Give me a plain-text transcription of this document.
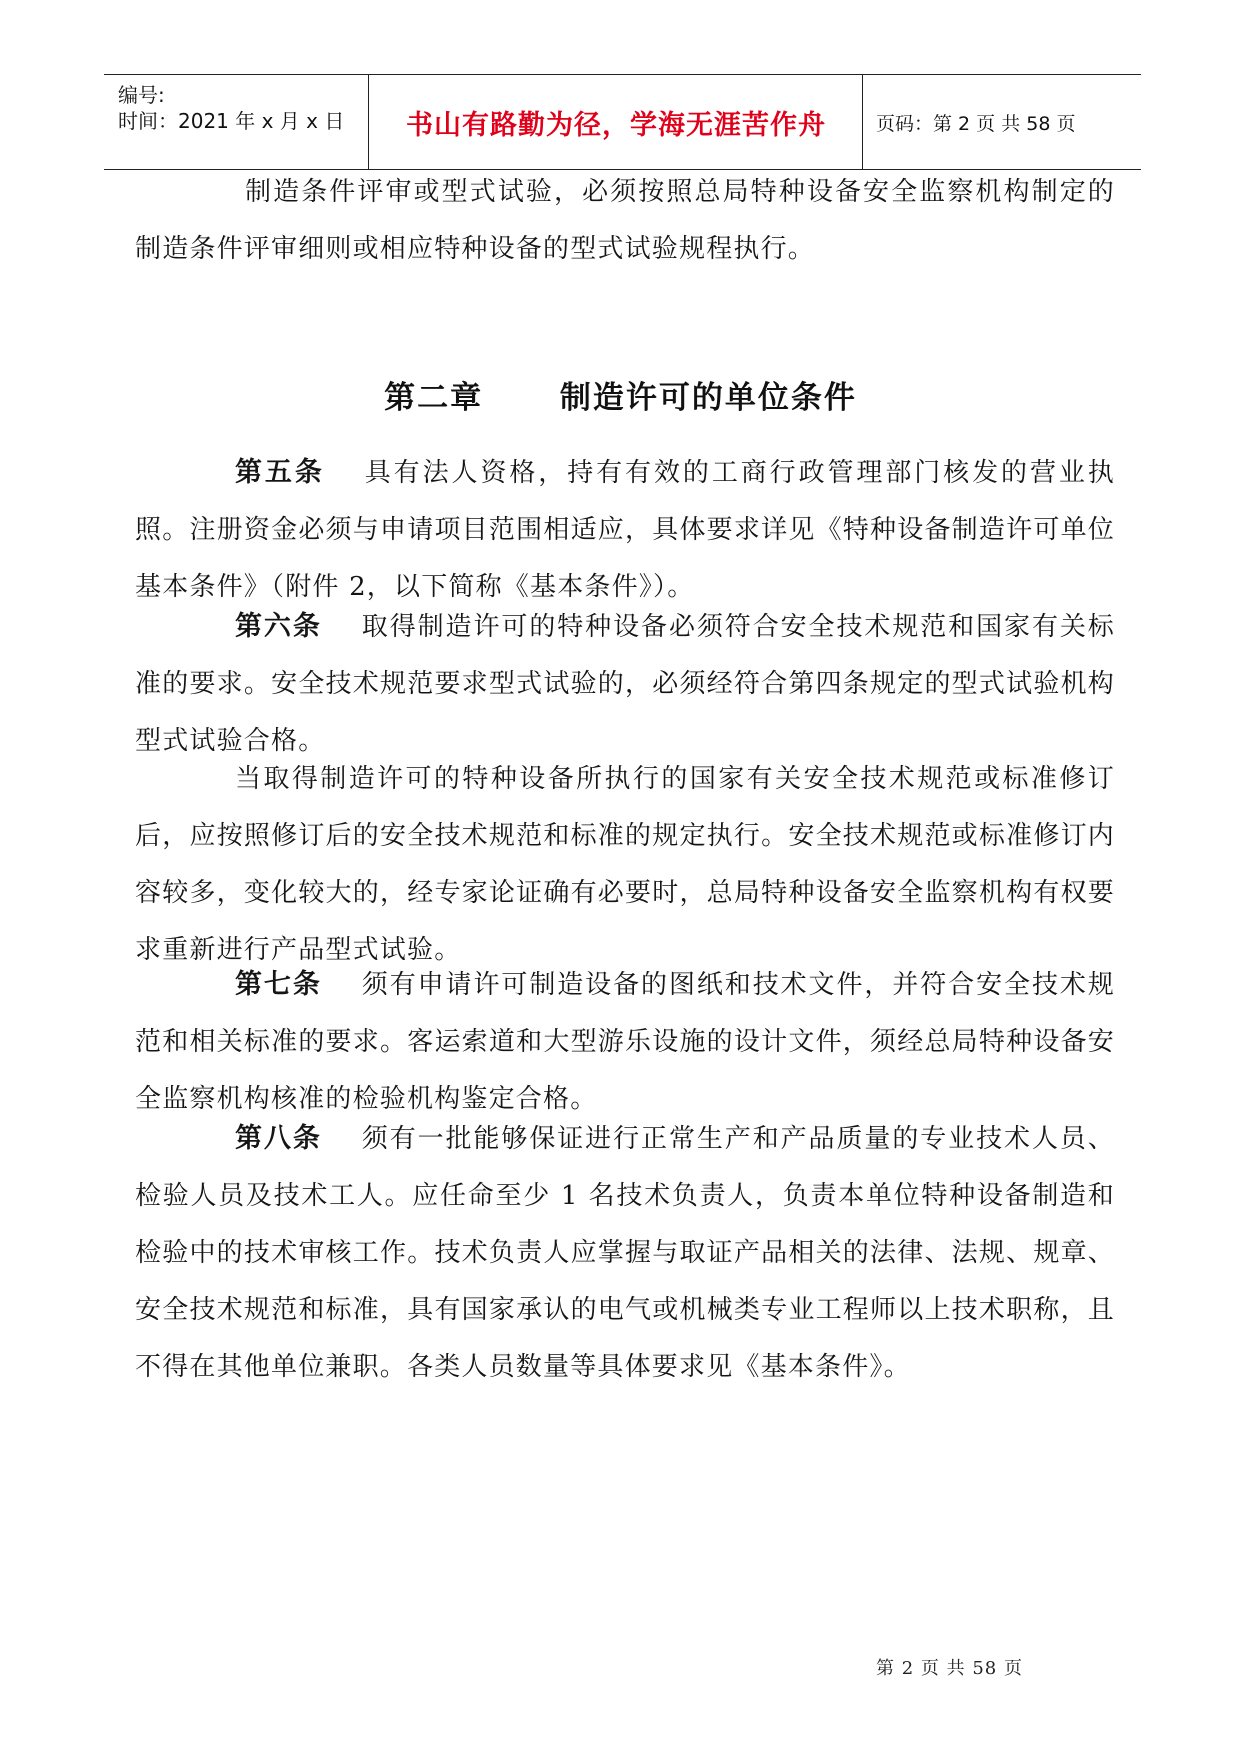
编号:
时间：2021 年 x 月 x 日 书山有路勤为径，学海无涯苦作舟	页码：第 2 页 共 58 页

制造条件评审或型式试验，必须按照总局特种设备安全监察机构制定的制造条件评审细则或相应特种设备的型式试验规程执行。

第二章      制造许可的单位条件

第五条 具有法人资格，持有有效的工商行政管理部门核发的营业执照。注册资金必须与申请项目范围相适应，具体要求详见《特种设备制造许可单位基本条件》（附件 2，以下简称《基本条件》）。

第六条 取得制造许可的特种设备必须符合安全技术规范和国家有关标准的要求。安全技术规范要求型式试验的，必须经符合第四条规定的型式试验机构型式试验合格。

当取得制造许可的特种设备所执行的国家有关安全技术规范或标准修订后，应按照修订后的安全技术规范和标准的规定执行。安全技术规范或标准修订内容较多，变化较大的，经专家论证确有必要时，总局特种设备安全监察机构有权要求重新进行产品型式试验。

第七条 须有申请许可制造设备的图纸和技术文件，并符合安全技术规范和相关标准的要求。客运索道和大型游乐设施的设计文件，须经总局特种设备安全监察机构核准的检验机构鉴定合格。

第八条 须有一批能够保证进行正常生产和产品质量的专业技术人员、检验人员及技术工人。应任命至少 1 名技术负责人，负责本单位特种设备制造和检验中的技术审核工作。技术负责人应掌握与取证产品相关的法律、法规、规章、安全技术规范和标准，具有国家承认的电气或机械类专业工程师以上技术职称，且不得在其他单位兼职。各类人员数量等具体要求见《基本条件》。

第 2 页 共 58 页
